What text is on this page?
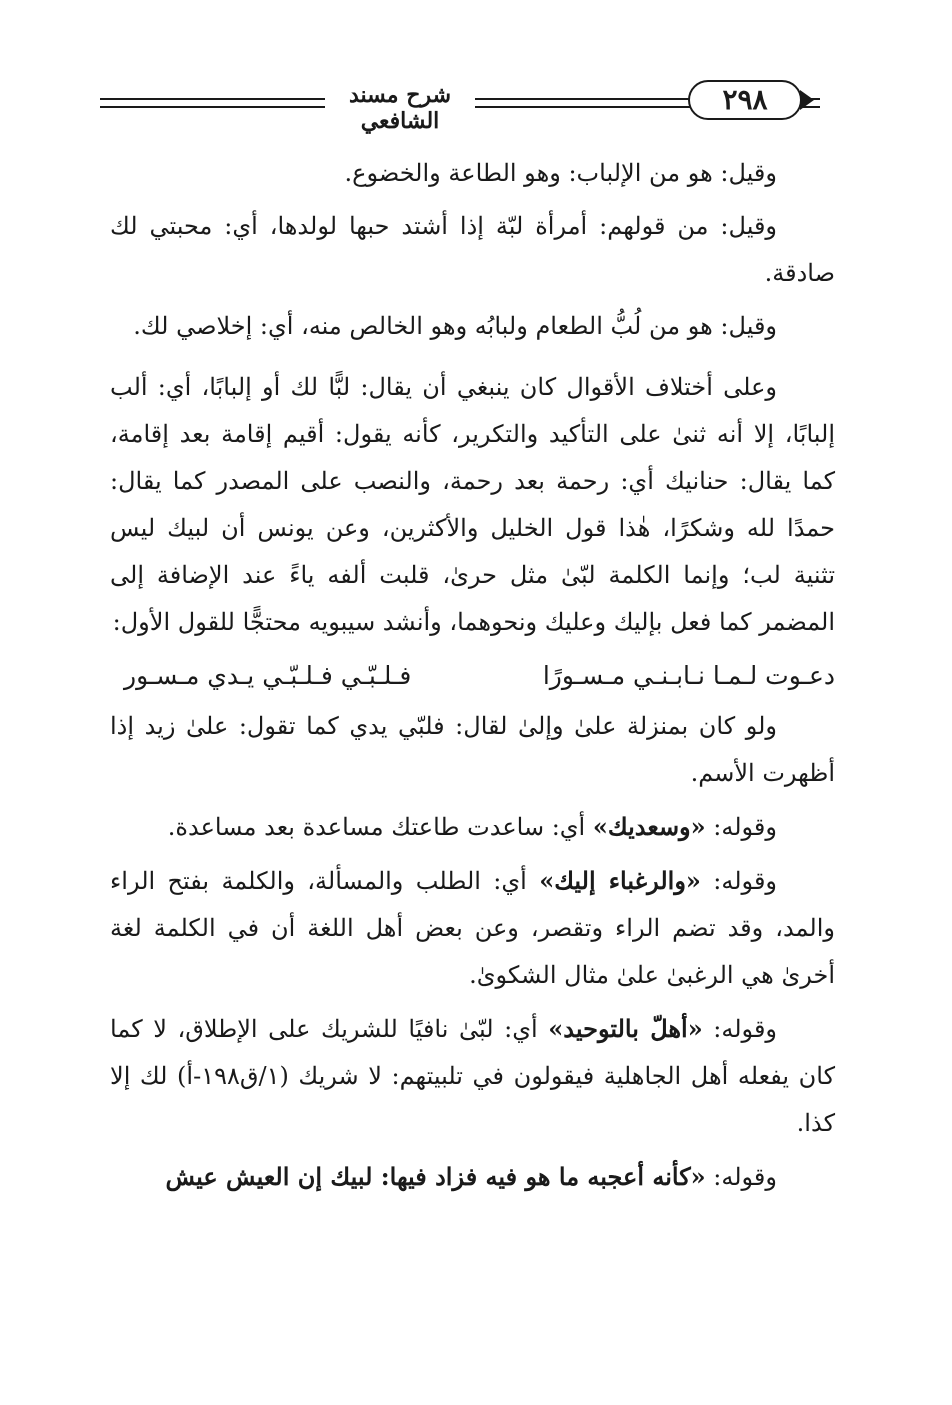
شرح مسند الشافعي
٢٩٨

وقيل: هو من الإلباب: وهو الطاعة والخضوع.

وقيل: من قولهم: أمرأة لبّة إذا أشتد حبها لولدها، أي: محبتي لك صادقة.

وقيل: هو من لُبُّ الطعام ولبابُه وهو الخالص منه، أي: إخلاصي لك.

وعلى أختلاف الأقوال كان ينبغي أن يقال: لبًّا لك أو إلبابًا، أي: ألب إلبابًا، إلا أنه ثنىٰ على التأكيد والتكرير، كأنه يقول: أقيم إقامة بعد إقامة، كما يقال: حنانيك أي: رحمة بعد رحمة، والنصب على المصدر كما يقال: حمدًا لله وشكرًا، هٰذا قول الخليل والأكثرين، وعن يونس أن لبيك ليس تثنية لب؛ وإنما الكلمة لبّىٰ مثل حرىٰ، قلبت ألفه ياءً عند الإضافة إلى المضمر كما فعل بإليك وعليك ونحوهما، وأنشد سيبويه محتجًّا للقول الأول:

دعـوت لـمـا نـابـنـي مـسـورًا
فـلـبّـي فـلـبّـي يـدي مـسـور

ولو كان بمنزلة علىٰ وإلىٰ لقال: فلبّي يدي كما تقول: علىٰ زيد إذا أظهرت الأسم.

وقوله: «وسعديك» أي: ساعدت طاعتك مساعدة بعد مساعدة.

وقوله: «والرغباء إليك» أي: الطلب والمسألة، والكلمة بفتح الراء والمد، وقد تضم الراء وتقصر، وعن بعض أهل اللغة أن في الكلمة لغة أخرىٰ هي الرغبىٰ علىٰ مثال الشكوىٰ.

وقوله: «أهلّ بالتوحيد» أي: لبّىٰ نافيًا للشريك على الإطلاق، لا كما كان يفعله أهل الجاهلية فيقولون في تلبيتهم: لا شريك (١/ق١٩٨-أ) لك إلا كذا.

وقوله: «كأنه أعجبه ما هو فيه فزاد فيها: لبيك إن العيش عيش
